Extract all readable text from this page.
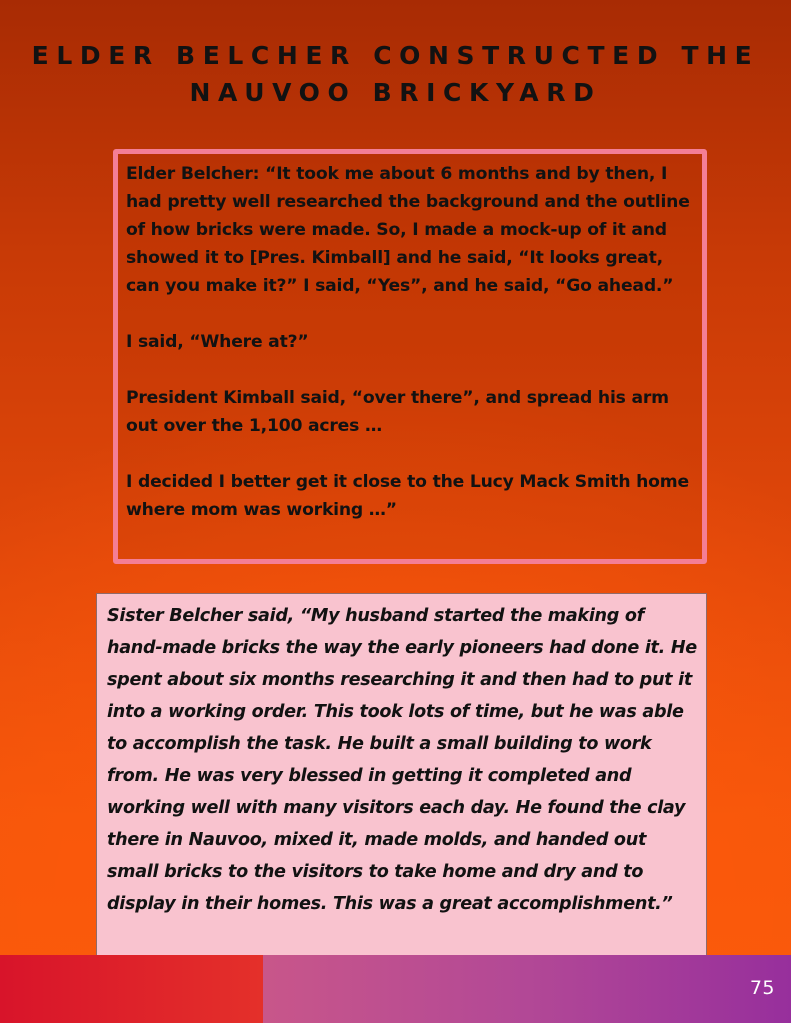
ELDER BELCHER CONSTRUCTED THE
NAUVOO BRICKYARD

Elder Belcher: “It took me about 6 months and by then, I had pretty well researched the background and the outline of how bricks were made. So, I made a mock-up of it and showed it to [Pres. Kimball] and he said, “It looks great, can you make it?” I said, “Yes”, and he said, “Go ahead.”

I said, “Where at?”

President Kimball said, “over there”, and spread his arm out over the 1,100 acres …

I decided I better get it close to the Lucy Mack Smith home where mom was working …”

Sister Belcher said, “My husband started the making of hand-made bricks the way the early pioneers had done it. He spent about six months researching it and then had to put it into a working order. This took lots of time, but he was able to accomplish the task. He built a small building to work from. He was very blessed in getting it completed and working well with many visitors each day. He found the clay there in Nauvoo, mixed it, made molds, and handed out small bricks to the visitors to take home and dry and to display in their homes. This was a great accomplishment.”

75
